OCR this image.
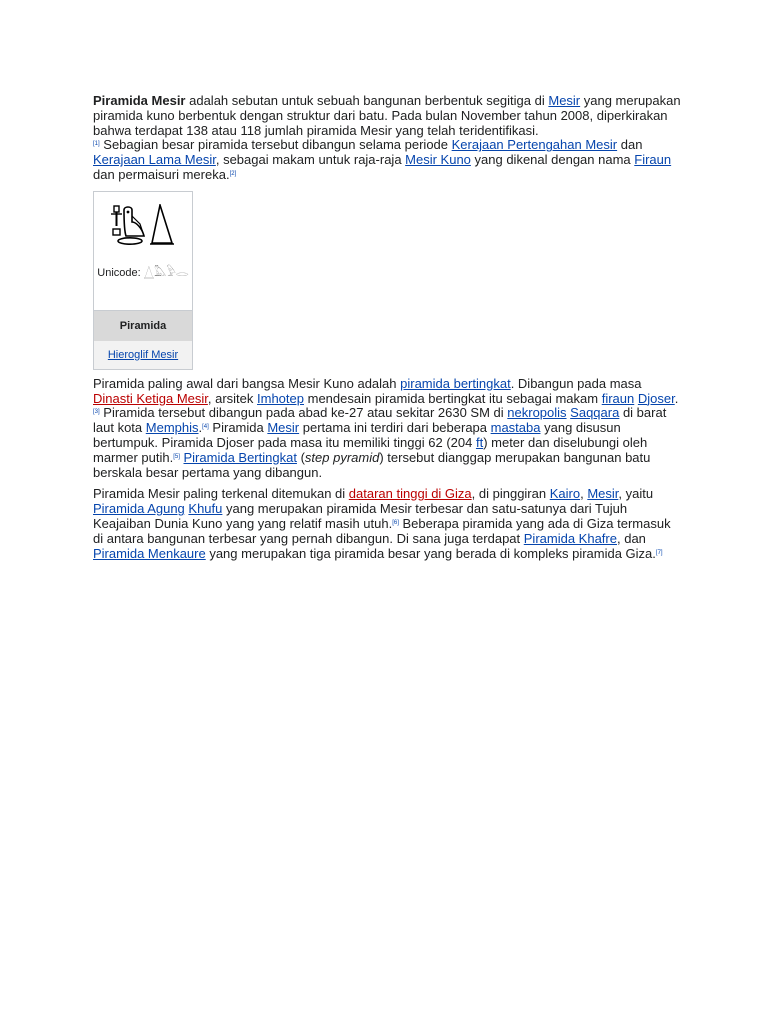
Piramida Mesir adalah sebutan untuk sebuah bangunan berbentuk segitiga di Mesir yang merupakan piramida kuno berbentuk dengan struktur dari batu. Pada bulan November tahun 2008, diperkirakan bahwa terdapat 138 atau 118 jumlah piramida Mesir yang telah teridentifikasi.
[1] Sebagian besar piramida tersebut dibangun selama periode Kerajaan Pertengahan Mesir dan Kerajaan Lama Mesir, sebagai makam untuk raja-raja Mesir Kuno yang dikenal dengan nama Firaun dan permaisuri mereka.[2]

Unicode: 𓉴𓅓𓅱𓂋
Piramida
Hieroglif Mesir

Piramida paling awal dari bangsa Mesir Kuno adalah piramida bertingkat. Dibangun pada masa Dinasti Ketiga Mesir, arsitek Imhotep mendesain piramida bertingkat itu sebagai makam firaun Djoser.[3] Piramida tersebut dibangun pada abad ke-27 atau sekitar 2630 SM di nekropolis Saqqara di barat laut kota Memphis.[4] Piramida Mesir pertama ini terdiri dari beberapa mastaba yang disusun bertumpuk. Piramida Djoser pada masa itu memiliki tinggi 62 (204 ft) meter dan diselubungi oleh marmer putih.[5] Piramida Bertingkat (step pyramid) tersebut dianggap merupakan bangunan batu berskala besar pertama yang dibangun.

Piramida Mesir paling terkenal ditemukan di dataran tinggi di Giza, di pinggiran Kairo, Mesir, yaitu Piramida Agung Khufu yang merupakan piramida Mesir terbesar dan satu-satunya dari Tujuh Keajaiban Dunia Kuno yang yang relatif masih utuh.[6] Beberapa piramida yang ada di Giza termasuk di antara bangunan terbesar yang pernah dibangun. Di sana juga terdapat Piramida Khafre, dan Piramida Menkaure yang merupakan tiga piramida besar yang berada di kompleks piramida Giza.[7]
